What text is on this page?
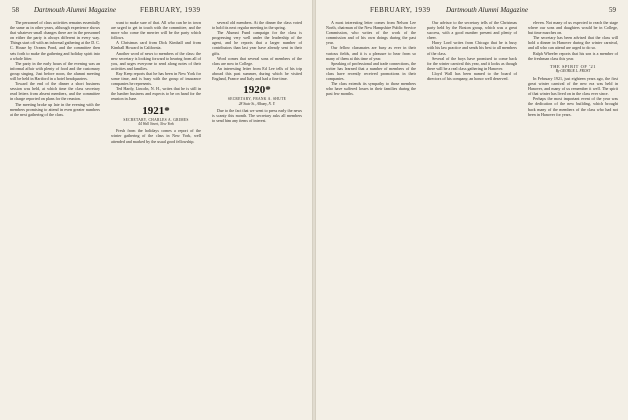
58 Dartmouth Alumni Magazine	FEBRUARY, 1939

The personnel of class activities remains essentially the same as in other years, although experience shows that whatever small changes there are in the personnel on either the party is always different in every way. Things start off with an informal gathering at the D. C. C. House by Oceans Pond, and the committee then sets forth to make the gathering and holiday spirit into a whole litter.

The party in the early hours of the evening was an informal affair with plenty of food and the customary group singing. Just before noon, the alumni meeting will be held in Hartford in a hotel headquarters.

Toward the end of the dinner a short business session was held, at which time the class secretary read letters from absent members, and the committee in charge reported on plans for the reunion.

The meeting broke up late in the evening with the members promising to attend in even greater numbers at the next gathering of the class.

want to make sure of that. All who can be in town are urged to get in touch with the committee, and the more who come the merrier will be the party which follows.

A Christmas card from Dick Kimball and from Kimball Howard in California.

Another word of news to members of the class: the new secretary is looking forward to hearing from all of you, and urges everyone to send along notes of their activities and families.

Ray Keep reports that he has been in New York for some time, and is busy with the group of insurance companies he represents.

Ted Hardy, Lincoln, N. H., writes that he is still in the lumber business and expects to be on hand for the reunion in June.

1921*
SECRETARY, CHARLES A. GRIMES
44 Wall Street, New York

Fresh from the holidays comes a report of the winter gathering of the class in New York, well attended and marked by the usual good fellowship.

several old members. At the dinner the class voted to hold its next regular meeting in the spring.

The Alumni Fund campaign for the class is progressing very well under the leadership of the agent, and he reports that a larger number of contributors than last year have already sent in their gifts.

Word comes that several sons of members of the class are now in College.

An interesting letter from Ed Lee tells of his trip abroad this past summer, during which he visited England, France and Italy and had a fine time.

1920*
SECRETARY, FRANK A. SHUTE
28 State St., Albany, N. Y.

Due to the fact that we went to press early the news is scanty this month. The secretary asks all members to send him any items of interest.

FEBRUARY, 1939 Dartmouth Alumni Magazine	59

A most interesting letter comes from Nelson Lee North, chairman of the New Hampshire Public Service Commission, who writes of the work of the commission and of his own doings during the past year.

Our fellow classmates are busy as ever in their various fields, and it is a pleasure to hear from so many of them at this time of year.

Speaking of professional and trade connections, the writer has learned that a number of members of the class have recently received promotions in their companies.

The class extends its sympathy to those members who have suffered losses in their families during the past few months.

Our advisor to the secretary tells of the Christmas party held by the Boston group, which was a great success, with a good number present and plenty of cheer.

Harry Lord writes from Chicago that he is busy with his law practice and sends his best to all members of the class.

Several of the boys have promised to come back for the winter carnival this year, and it looks as though there will be a real class gathering in Hanover.

Lloyd Wall has been named to the board of directors of his company, an honor well deserved.

eleven. Not many of us expected to reach the stage where our sons and daughters would be in College, but time marches on.

The secretary has been advised that the class will hold a dinner in Hanover during the winter carnival, and all who can attend are urged to do so.

Ralph Wheeler reports that his son is a member of the freshman class this year.

THE SPIRIT OF '21
By GEORGE L. FROST

In February 1921, just eighteen years ago, the first great winter carnival of the new era was held in Hanover, and many of us remember it well. The spirit of that winter has lived on in the class ever since.

Perhaps the most important event of the year was the dedication of the new building, which brought back many of the members of the class who had not been in Hanover for years.
